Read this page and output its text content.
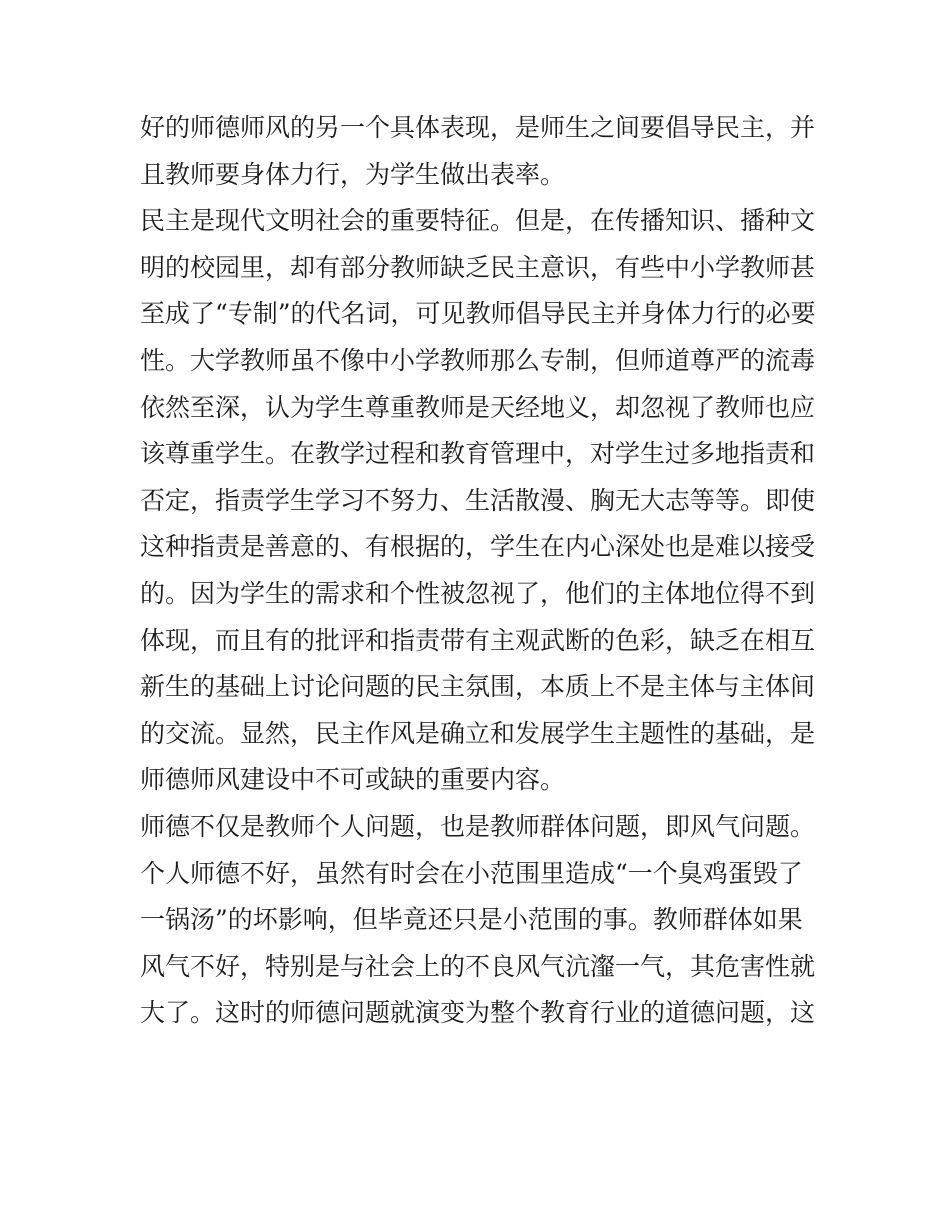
好的师德师风的另一个具体表现，是师生之间要倡导民主，并
且教师要身体力行，为学生做出表率。
民主是现代文明社会的重要特征。但是，在传播知识、播种文
明的校园里，却有部分教师缺乏民主意识，有些中小学教师甚
至成了“专制”的代名词，可见教师倡导民主并身体力行的必要
性。大学教师虽不像中小学教师那么专制，但师道尊严的流毒
依然至深，认为学生尊重教师是天经地义，却忽视了教师也应
该尊重学生。在教学过程和教育管理中，对学生过多地指责和
否定，指责学生学习不努力、生活散漫、胸无大志等等。即使
这种指责是善意的、有根据的，学生在内心深处也是难以接受
的。因为学生的需求和个性被忽视了，他们的主体地位得不到
体现，而且有的批评和指责带有主观武断的色彩，缺乏在相互
新生的基础上讨论问题的民主氛围，本质上不是主体与主体间
的交流。显然，民主作风是确立和发展学生主题性的基础，是
师德师风建设中不可或缺的重要内容。
师德不仅是教师个人问题，也是教师群体问题，即风气问题。
个人师德不好，虽然有时会在小范围里造成“一个臭鸡蛋毁了
一锅汤”的坏影响，但毕竟还只是小范围的事。教师群体如果
风气不好，特别是与社会上的不良风气沆瀣一气，其危害性就
大了。这时的师德问题就演变为整个教育行业的道德问题，这
